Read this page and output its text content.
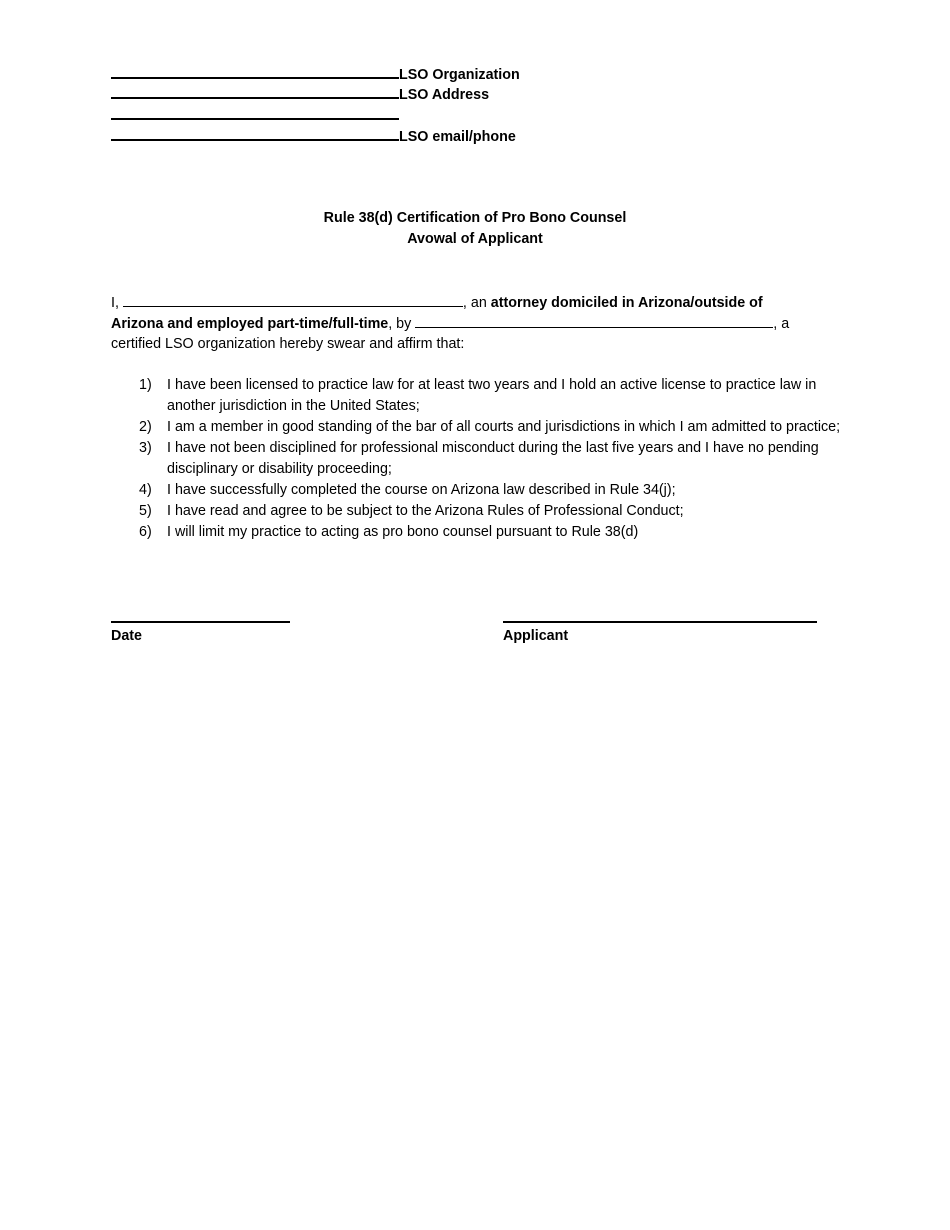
LSO Organization
LSO Address
LSO email/phone
Rule 38(d) Certification of Pro Bono Counsel
Avowal of Applicant
I,	, an attorney domiciled in Arizona/outside of
Arizona and employed part-time/full-time, by	, a
certified LSO organization hereby swear and affirm that:
1) I have been licensed to practice law for at least two years and I hold an active license to practice law in another jurisdiction in the United States;
2) I am a member in good standing of the bar of all courts and jurisdictions in which I am admitted to practice;
3) I have not been disciplined for professional misconduct during the last five years and I have no pending disciplinary or disability proceeding;
4) I have successfully completed the course on Arizona law described in Rule 34(j);
5) I have read and agree to be subject to the Arizona Rules of Professional Conduct;
6) I will limit my practice to acting as pro bono counsel pursuant to Rule 38(d)
Date	Applicant
